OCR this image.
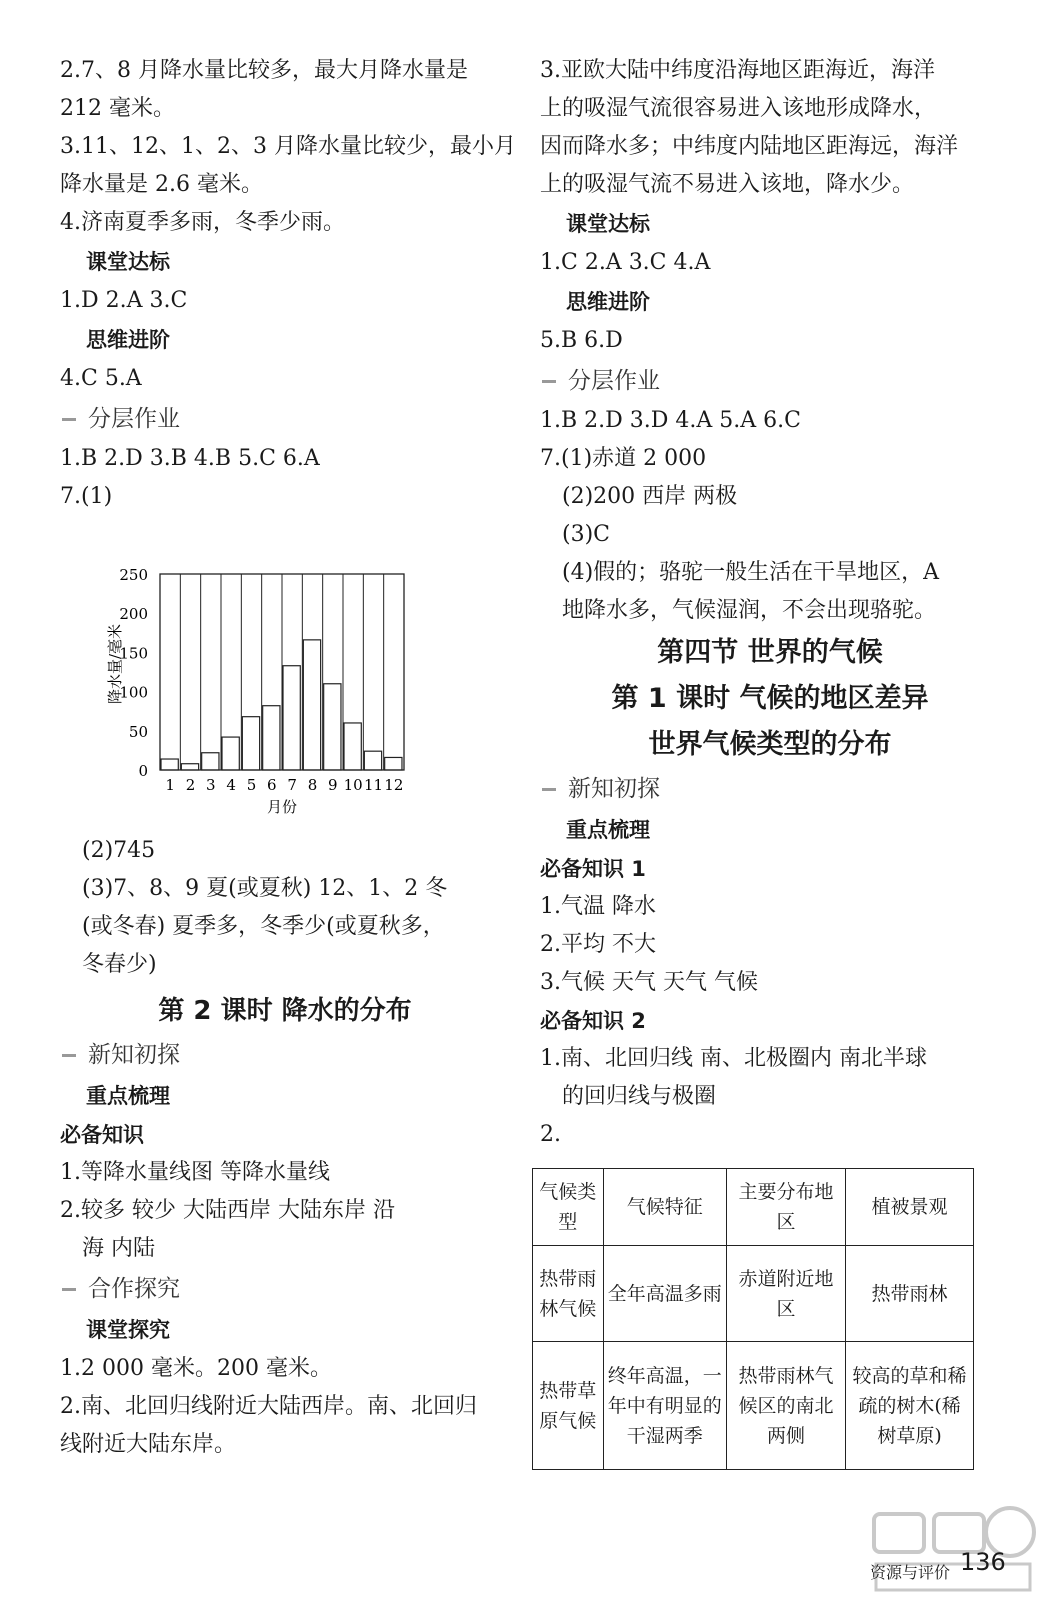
2.7、8 月降水量比较多，最大月降水量是
212 毫米。
3.11、12、1、2、3 月降水量比较少，最小月
降水量是 2.6 毫米。
4.济南夏季多雨，冬季少雨。
课堂达标
1.D 2.A 3.C
思维进阶
4.C 5.A
分层作业
1.B 2.D 3.B 4.B 5.C 6.A
7.(1)
0
50
100
150
200
250
1 2 3 4 5 6 7 8 9 10 11 12
月份
降水量/毫米
(2)745
(3)7、8、9 夏(或夏秋) 12、1、2 冬
(或冬春) 夏季多，冬季少(或夏秋多，
冬春少)
第 2 课时 降水的分布
新知初探
重点梳理
必备知识
1.等降水量线图 等降水量线
2.较多 较少 大陆西岸 大陆东岸 沿
海 内陆
合作探究
课堂探究
1.2 000 毫米。200 毫米。
2.南、北回归线附近大陆西岸。南、北回归
线附近大陆东岸。
3.亚欧大陆中纬度沿海地区距海近，海洋
上的吸湿气流很容易进入该地形成降水，
因而降水多；中纬度内陆地区距海远，海洋
上的吸湿气流不易进入该地，降水少。
课堂达标
1.C 2.A 3.C 4.A
思维进阶
5.B 6.D
分层作业
1.B 2.D 3.D 4.A 5.A 6.C
7.(1)赤道 2 000
(2)200 西岸 两极
(3)C
(4)假的；骆驼一般生活在干旱地区，A
地降水多，气候湿润，不会出现骆驼。
第四节 世界的气候
第 1 课时 气候的地区差异
世界气候类型的分布
新知初探
重点梳理
必备知识 1
1.气温 降水
2.平均 不大
3.气候 天气 天气 气候
必备知识 2
1.南、北回归线 南、北极圈内 南北半球
的回归线与极圈
2.
气候类型	气候特征	主要分布地区	植被景观
热带雨林气候	全年高温多雨	赤道附近地区	热带雨林
热带草原气候	终年高温，一年中有明显的干湿两季	热带雨林气候区的南北两侧	较高的草和稀疏的树木(稀树草原)
资源与评价 136
